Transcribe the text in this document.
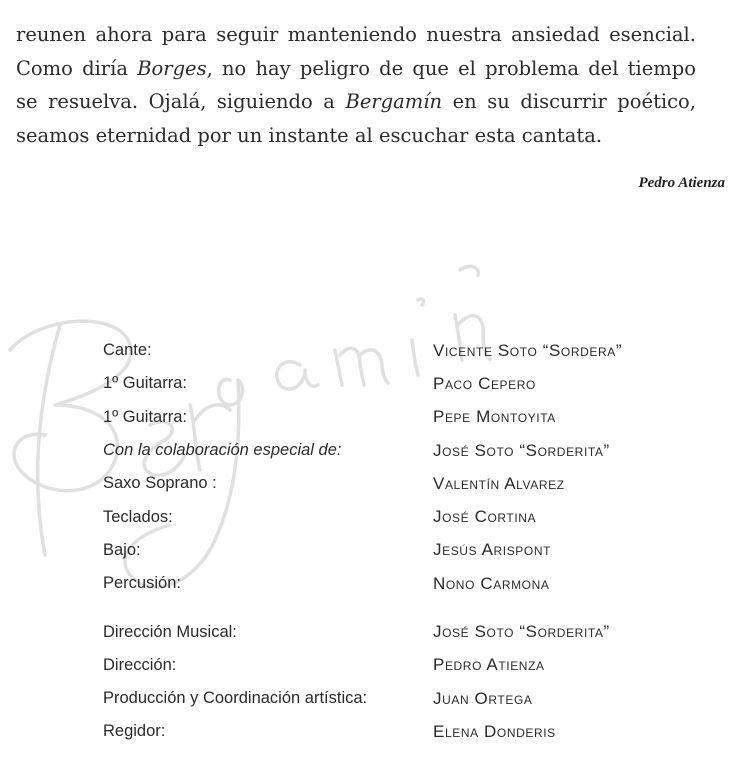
reunen ahora para seguir manteniendo nuestra ansiedad esencial.
Como diría Borges, no hay peligro de que el problema del tiempo
se resuelva. Ojalá, siguiendo a Bergamín en su discurrir poético,
seamos eternidad por un instante al escuchar esta cantata.
Pedro Atienza
Cante:	Vicente Soto “Sordera”
1º Guitarra:	Paco Cepero
1º Guitarra:	Pepe Montoyita
Con la colaboración especial de:	José Soto “Sorderita”
Saxo Soprano :	Valentín Alvarez
Teclados:	José Cortina
Bajo:	Jesús Arispont
Percusión:	Nono Carmona
Dirección Musical:	José Soto “Sorderita”
Dirección:	Pedro Atienza
Producción y Coordinación artística:	Juan Ortega
Regidor:	Elena Donderis
